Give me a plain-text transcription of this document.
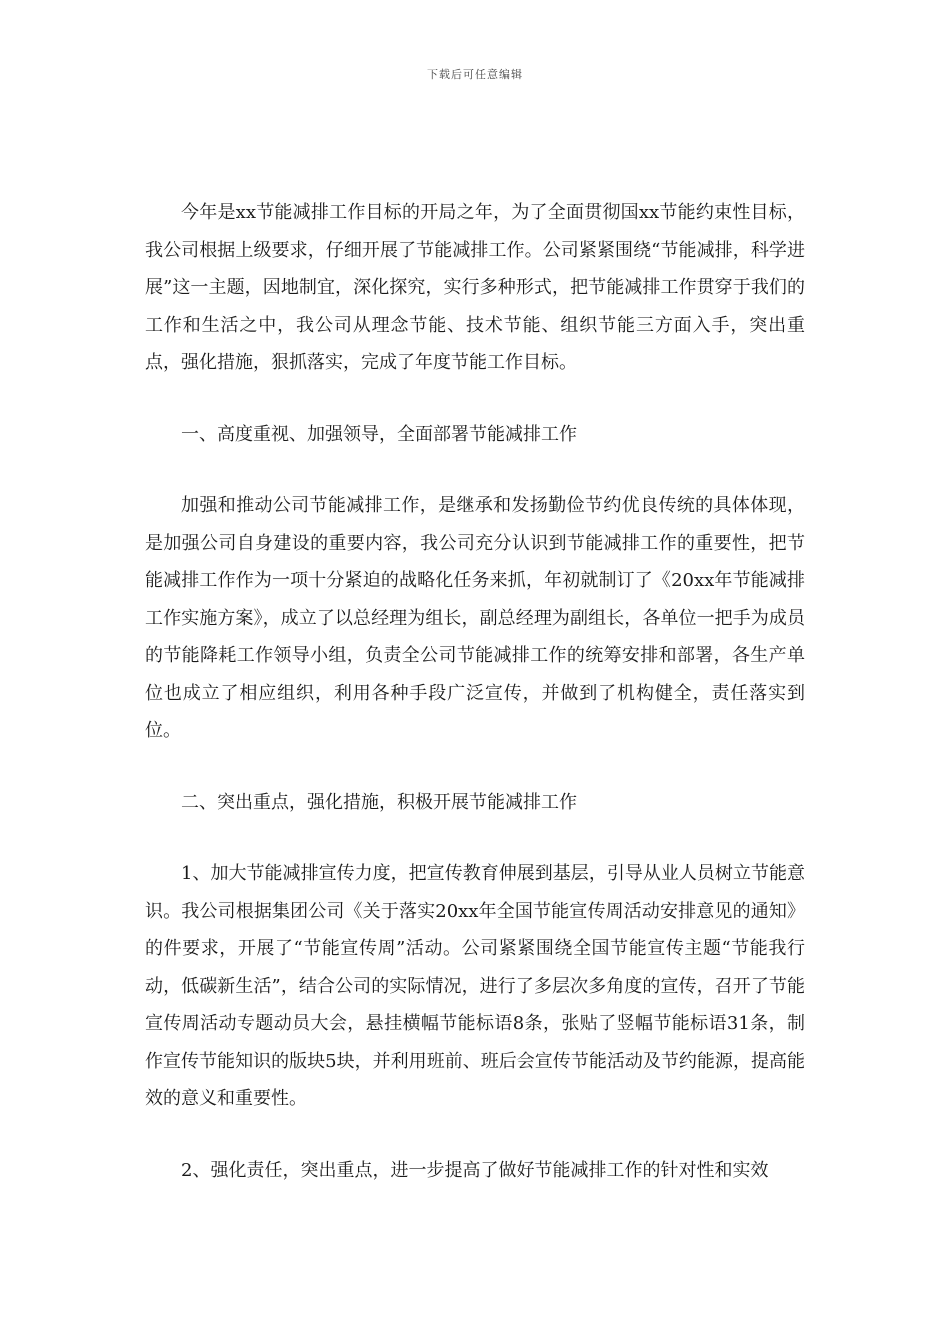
下载后可任意编辑

今年是xx节能减排工作目标的开局之年，为了全面贯彻国xx节能约束性目标，我公司根据上级要求，仔细开展了节能减排工作。公司紧紧围绕“节能减排，科学进展”这一主题，因地制宜，深化探究，实行多种形式，把节能减排工作贯穿于我们的工作和生活之中，我公司从理念节能、技术节能、组织节能三方面入手，突出重点，强化措施，狠抓落实，完成了年度节能工作目标。

一、高度重视、加强领导，全面部署节能减排工作

加强和推动公司节能减排工作，是继承和发扬勤俭节约优良传统的具体体现，是加强公司自身建设的重要内容，我公司充分认识到节能减排工作的重要性，把节能减排工作作为一项十分紧迫的战略化任务来抓，年初就制订了《20xx年节能减排工作实施方案》，成立了以总经理为组长，副总经理为副组长，各单位一把手为成员的节能降耗工作领导小组，负责全公司节能减排工作的统筹安排和部署，各生产单位也成立了相应组织，利用各种手段广泛宣传，并做到了机构健全，责任落实到位。

二、突出重点，强化措施，积极开展节能减排工作

1、加大节能减排宣传力度，把宣传教育伸展到基层，引导从业人员树立节能意识。我公司根据集团公司《关于落实20xx年全国节能宣传周活动安排意见的通知》的件要求，开展了“节能宣传周”活动。公司紧紧围绕全国节能宣传主题“节能我行动，低碳新生活”，结合公司的实际情况，进行了多层次多角度的宣传，召开了节能宣传周活动专题动员大会，悬挂横幅节能标语8条，张贴了竖幅节能标语31条，制作宣传节能知识的版块5块，并利用班前、班后会宣传节能活动及节约能源，提高能效的意义和重要性。

2、强化责任，突出重点，进一步提高了做好节能减排工作的针对性和实效
